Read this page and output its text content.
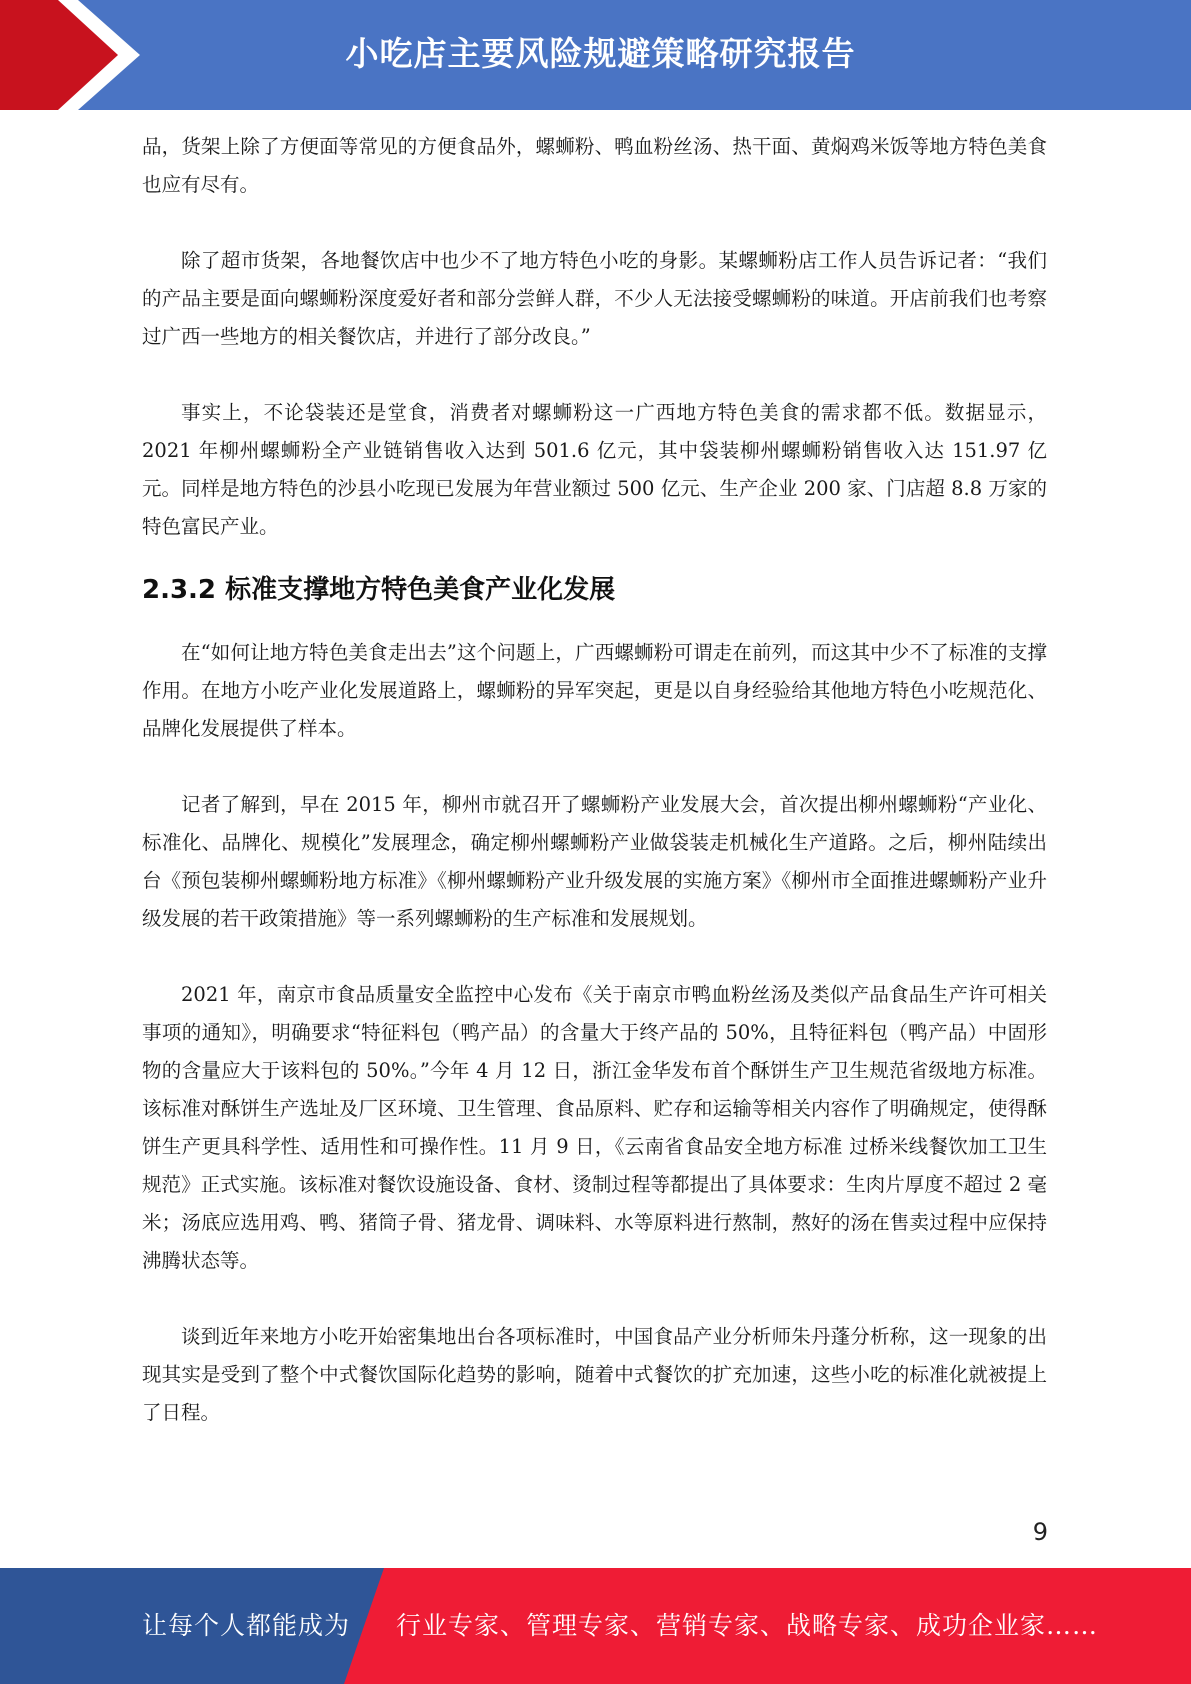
小吃店主要风险规避策略研究报告

品，货架上除了方便面等常见的方便食品外，螺蛳粉、鸭血粉丝汤、热干面、黄焖鸡米饭等地方特色美食也应有尽有。

除了超市货架，各地餐饮店中也少不了地方特色小吃的身影。某螺蛳粉店工作人员告诉记者：“我们的产品主要是面向螺蛳粉深度爱好者和部分尝鲜人群，不少人无法接受螺蛳粉的味道。开店前我们也考察过广西一些地方的相关餐饮店，并进行了部分改良。”

事实上，不论袋装还是堂食，消费者对螺蛳粉这一广西地方特色美食的需求都不低。数据显示，2021 年柳州螺蛳粉全产业链销售收入达到 501.6 亿元，其中袋装柳州螺蛳粉销售收入达 151.97 亿元。同样是地方特色的沙县小吃现已发展为年营业额过 500 亿元、生产企业 200 家、门店超 8.8 万家的特色富民产业。

2.3.2 标准支撑地方特色美食产业化发展

在“如何让地方特色美食走出去”这个问题上，广西螺蛳粉可谓走在前列，而这其中少不了标准的支撑作用。在地方小吃产业化发展道路上，螺蛳粉的异军突起，更是以自身经验给其他地方特色小吃规范化、品牌化发展提供了样本。

记者了解到，早在 2015 年，柳州市就召开了螺蛳粉产业发展大会，首次提出柳州螺蛳粉“产业化、标准化、品牌化、规模化”发展理念，确定柳州螺蛳粉产业做袋装走机械化生产道路。之后，柳州陆续出台《预包装柳州螺蛳粉地方标准》《柳州螺蛳粉产业升级发展的实施方案》《柳州市全面推进螺蛳粉产业升级发展的若干政策措施》等一系列螺蛳粉的生产标准和发展规划。

2021 年，南京市食品质量安全监控中心发布《关于南京市鸭血粉丝汤及类似产品食品生产许可相关事项的通知》，明确要求“特征料包（鸭产品）的含量大于终产品的 50%，且特征料包（鸭产品）中固形物的含量应大于该料包的 50%。”今年 4 月 12 日，浙江金华发布首个酥饼生产卫生规范省级地方标准。该标准对酥饼生产选址及厂区环境、卫生管理、食品原料、贮存和运输等相关内容作了明确规定，使得酥饼生产更具科学性、适用性和可操作性。11 月 9 日，《云南省食品安全地方标准 过桥米线餐饮加工卫生规范》正式实施。该标准对餐饮设施设备、食材、烫制过程等都提出了具体要求：生肉片厚度不超过 2 毫米；汤底应选用鸡、鸭、猪筒子骨、猪龙骨、调味料、水等原料进行熬制，熬好的汤在售卖过程中应保持沸腾状态等。

谈到近年来地方小吃开始密集地出台各项标准时，中国食品产业分析师朱丹蓬分析称，这一现象的出现其实是受到了整个中式餐饮国际化趋势的影响，随着中式餐饮的扩充加速，这些小吃的标准化就被提上了日程。

9
让每个人都能成为 行业专家、管理专家、营销专家、战略专家、成功企业家……
